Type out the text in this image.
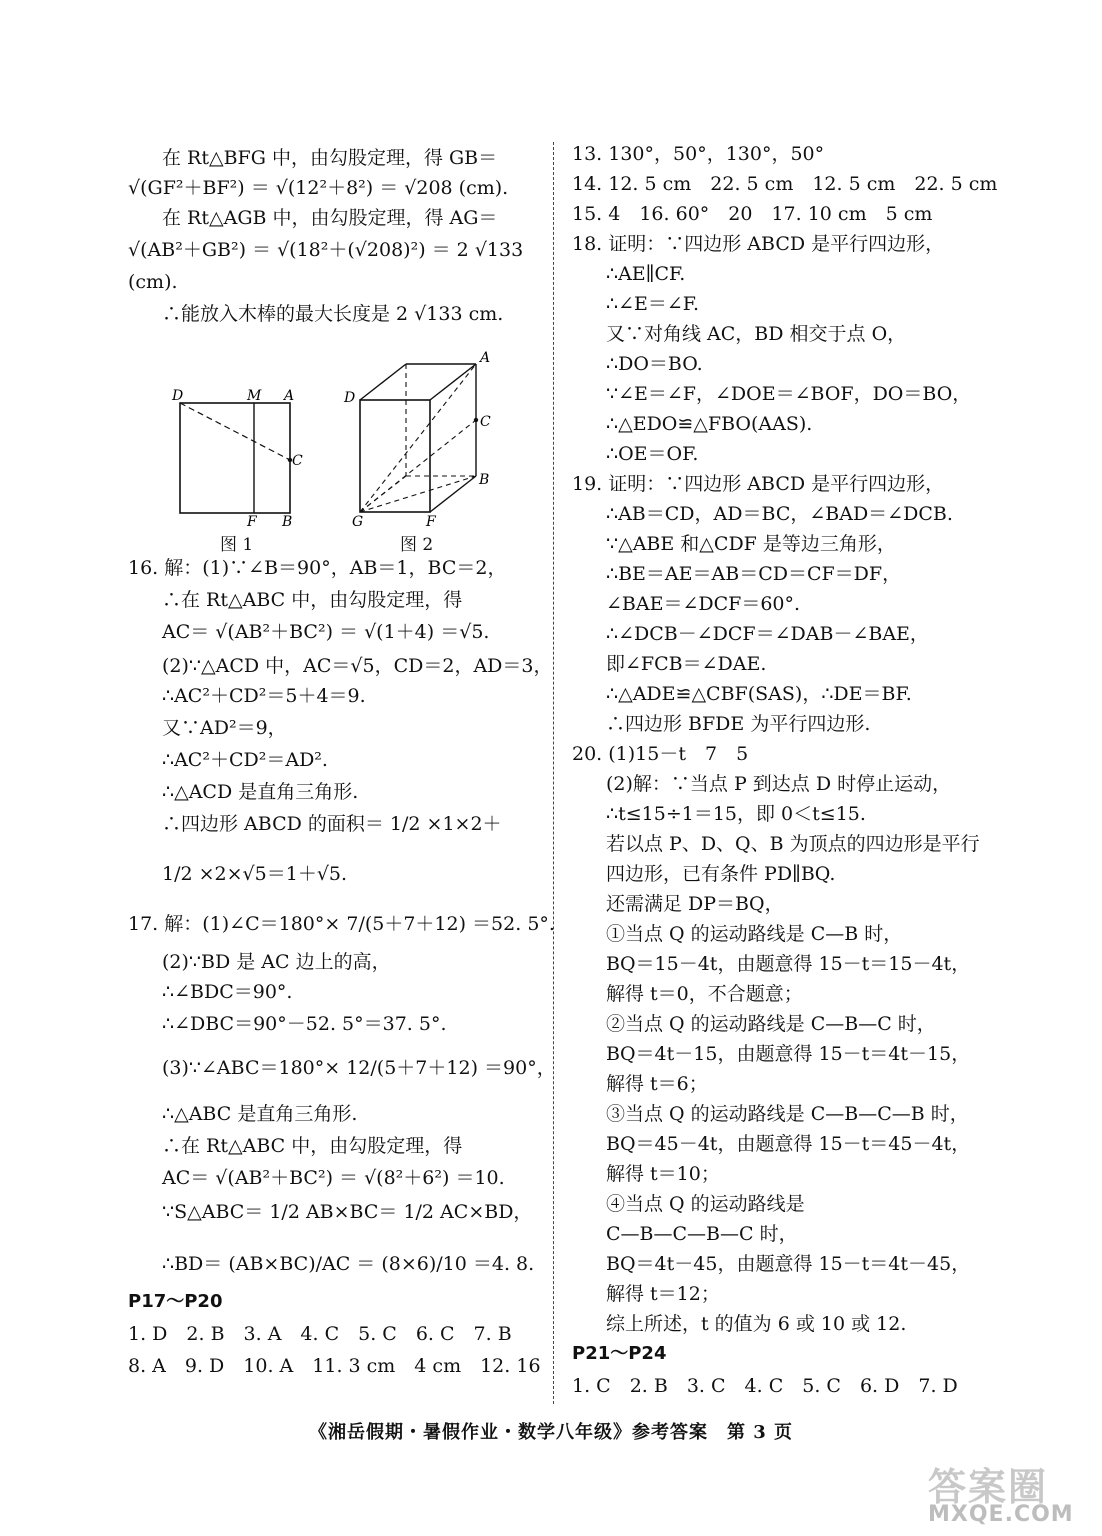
在 Rt△BFG 中，由勾股定理，得 GB＝
√(GF²＋BF²) ＝ √(12²＋8²) ＝ √208 (cm).
在 Rt△AGB 中，由勾股定理，得 AG＝
√(AB²＋GB²) ＝ √(18²＋(√208)²) ＝ 2 √133
(cm).
∴能放入木棒的最大长度是 2 √133 cm.
16. 解：(1)∵∠B＝90°，AB＝1，BC＝2，
∴在 Rt△ABC 中，由勾股定理，得
AC＝ √(AB²＋BC²) ＝ √(1＋4) ＝√5.
(2)∵△ACD 中，AC＝√5，CD＝2，AD＝3，
∴AC²＋CD²＝5＋4＝9.
又∵AD²＝9，
∴AC²＋CD²＝AD².
∴△ACD 是直角三角形.
∴四边形 ABCD 的面积＝ 1/2 ×1×2＋
1/2 ×2×√5＝1＋√5.
17. 解：(1)∠C＝180°× 7/(5＋7＋12) ＝52. 5°.
(2)∵BD 是 AC 边上的高，
∴∠BDC＝90°.
∴∠DBC＝90°－52. 5°＝37. 5°.
(3)∵∠ABC＝180°× 12/(5＋7＋12) ＝90°，
∴△ABC 是直角三角形.
∴在 Rt△ABC 中，由勾股定理，得
AC＝ √(AB²＋BC²) ＝ √(8²＋6²) ＝10.
∵S△ABC＝ 1/2 AB×BC＝ 1/2 AC×BD，
∴BD＝ (AB×BC)/AC ＝ (8×6)/10 ＝4. 8.
P17～P20
1. D　2. B　3. A　4. C　5. C　6. C　7. B
8. A　9. D　10. A　11. 3 cm　4 cm　12. 16
13. 130°，50°，130°，50°
14. 12. 5 cm　22. 5 cm　12. 5 cm　22. 5 cm
15. 4　16. 60°　20　17. 10 cm　5 cm
18. 证明：∵四边形 ABCD 是平行四边形，
∴AE∥CF.
∴∠E＝∠F.
又∵对角线 AC，BD 相交于点 O，
∴DO＝BO.
∵∠E＝∠F，∠DOE＝∠BOF，DO＝BO，
∴△EDO≌△FBO(AAS).
∴OE＝OF.
19. 证明：∵四边形 ABCD 是平行四边形，
∴AB＝CD，AD＝BC，∠BAD＝∠DCB.
∵△ABE 和△CDF 是等边三角形，
∴BE＝AE＝AB＝CD＝CF＝DF，
∠BAE＝∠DCF＝60°.
∴∠DCB－∠DCF＝∠DAB－∠BAE，
即∠FCB＝∠DAE.
∴△ADE≌△CBF(SAS)，∴DE＝BF.
∴四边形 BFDE 为平行四边形.
20. (1)15－t　7　5
(2)解：∵当点 P 到达点 D 时停止运动，
∴t≤15÷1＝15，即 0＜t≤15.
若以点 P、D、Q、B 为顶点的四边形是平行
四边形，已有条件 PD∥BQ.
还需满足 DP＝BQ，
①当点 Q 的运动路线是 C—B 时，
BQ＝15－4t，由题意得 15－t＝15－4t，
解得 t＝0，不合题意；
②当点 Q 的运动路线是 C—B—C 时，
BQ＝4t－15，由题意得 15－t＝4t－15，
解得 t＝6；
③当点 Q 的运动路线是 C—B—C—B 时，
BQ＝45－4t，由题意得 15－t＝45－4t，
解得 t＝10；
④当点 Q 的运动路线是
C—B—C—B—C 时，
BQ＝4t－45，由题意得 15－t＝4t－45，
解得 t＝12；
综上所述，t 的值为 6 或 10 或 12.
P21～P24
1. C　2. B　3. C　4. C　5. C　6. D　7. D
D	M A
C
F B
图 1
A
D
C
B
G	F
图 2
《湘岳假期・暑假作业・数学八年级》参考答案　第 3 页
答案圈
MXQE.COM
